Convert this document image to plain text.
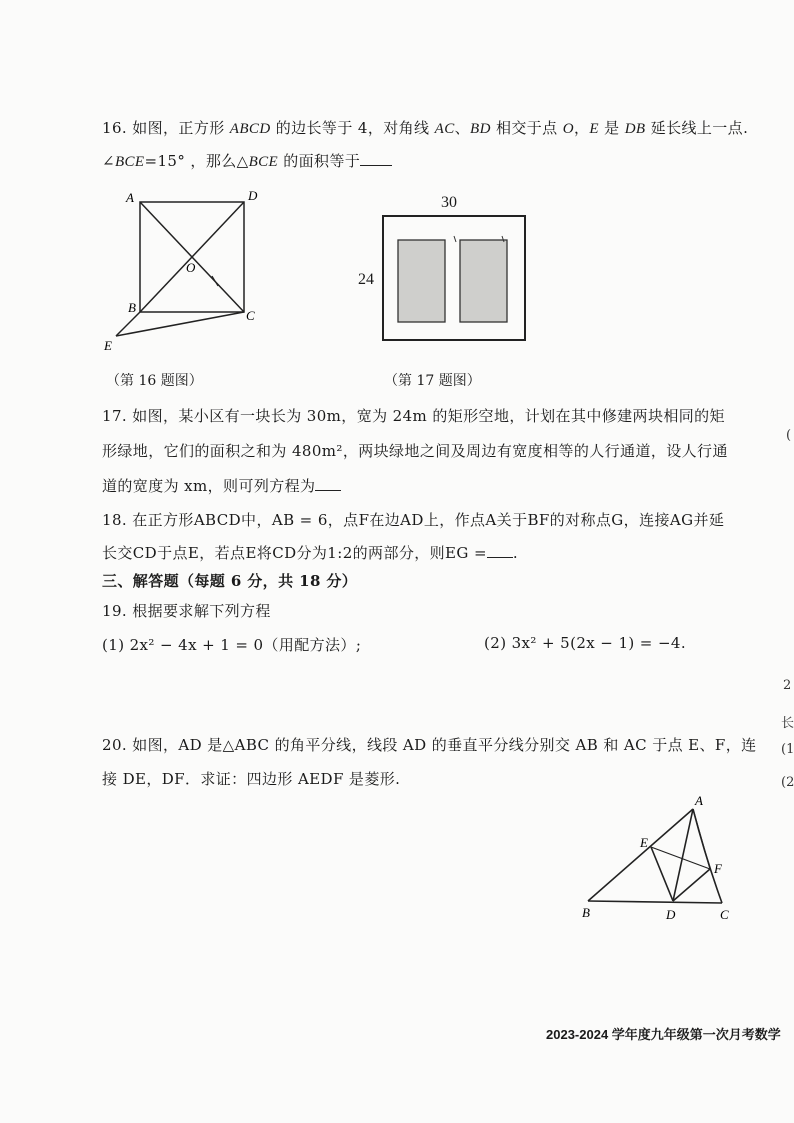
16. 如图，正方形 ABCD 的边长等于 4，对角线 AC、BD 相交于点 O，E 是 DB 延长线上一点.
∠BCE=15° ，那么△BCE 的面积等于
A	D
O
B
C
E
30
24
（第 16 题图）	（第 17 题图）
17. 如图，某小区有一块长为 30m，宽为 24m 的矩形空地，计划在其中修建两块相同的矩
形绿地，它们的面积之和为 480m²，两块绿地之间及周边有宽度相等的人行通道，设人行通
道的宽度为 xm，则可列方程为
18. 在正方形ABCD中，AB = 6，点F在边AD上，作点A关于BF的对称点G，连接AG并延
长交CD于点E，若点E将CD分为1:2的两部分，则EG = .
三、解答题（每题 6 分，共 18 分）
19. 根据要求解下列方程
(1) 2x² − 4x + 1 = 0（用配方法）;	(2) 3x² + 5(2x − 1) = −4.
20. 如图，AD 是△ABC 的角平分线，线段 AD 的垂直平分线分别交 AB 和 AC 于点 E、F，连
接 DE，DF．求证：四边形 AEDF 是菱形.
A
E
F
B	D	C
2023-2024 学年度九年级第一次月考数学
(
2
长
(1
(2
